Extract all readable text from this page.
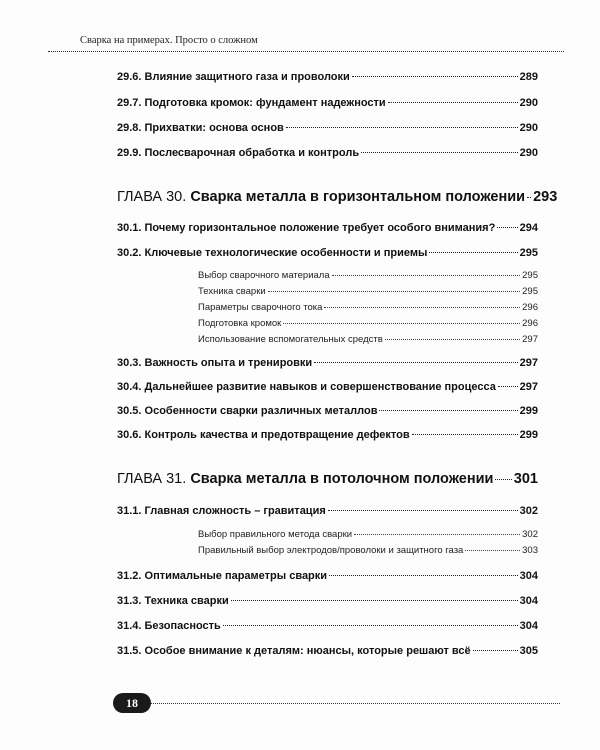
Сварка на примерах. Просто о сложном
29.6. Влияние защитного газа и проволоки	289
29.7. Подготовка кромок: фундамент надежности	290
29.8. Прихватки: основа основ	290
29.9. Послесварочная обработка и контроль	290
ГЛАВА 30. Сварка металла в горизонтальном положении 293
30.1. Почему горизонтальное положение требует особого внимания? 294
30.2. Ключевые технологические особенности и приемы	295
Выбор сварочного материала	295
Техника сварки	295
Параметры сварочного тока	296
Подготовка кромок	296
Использование вспомогательных средств	297
30.3. Важность опыта и тренировки	297
30.4. Дальнейшее развитие навыков и совершенствование процесса 297
30.5. Особенности сварки различных металлов	299
30.6. Контроль качества и предотвращение дефектов	299
ГЛАВА 31. Сварка металла в потолочном положении 301
31.1. Главная сложность – гравитация	302
Выбор правильного метода сварки	302
Правильный выбор электродов/проволоки и защитного газа	303
31.2. Оптимальные параметры сварки	304
31.3. Техника сварки	304
31.4. Безопасность	304
31.5. Особое внимание к деталям: нюансы, которые решают всё	305
18
